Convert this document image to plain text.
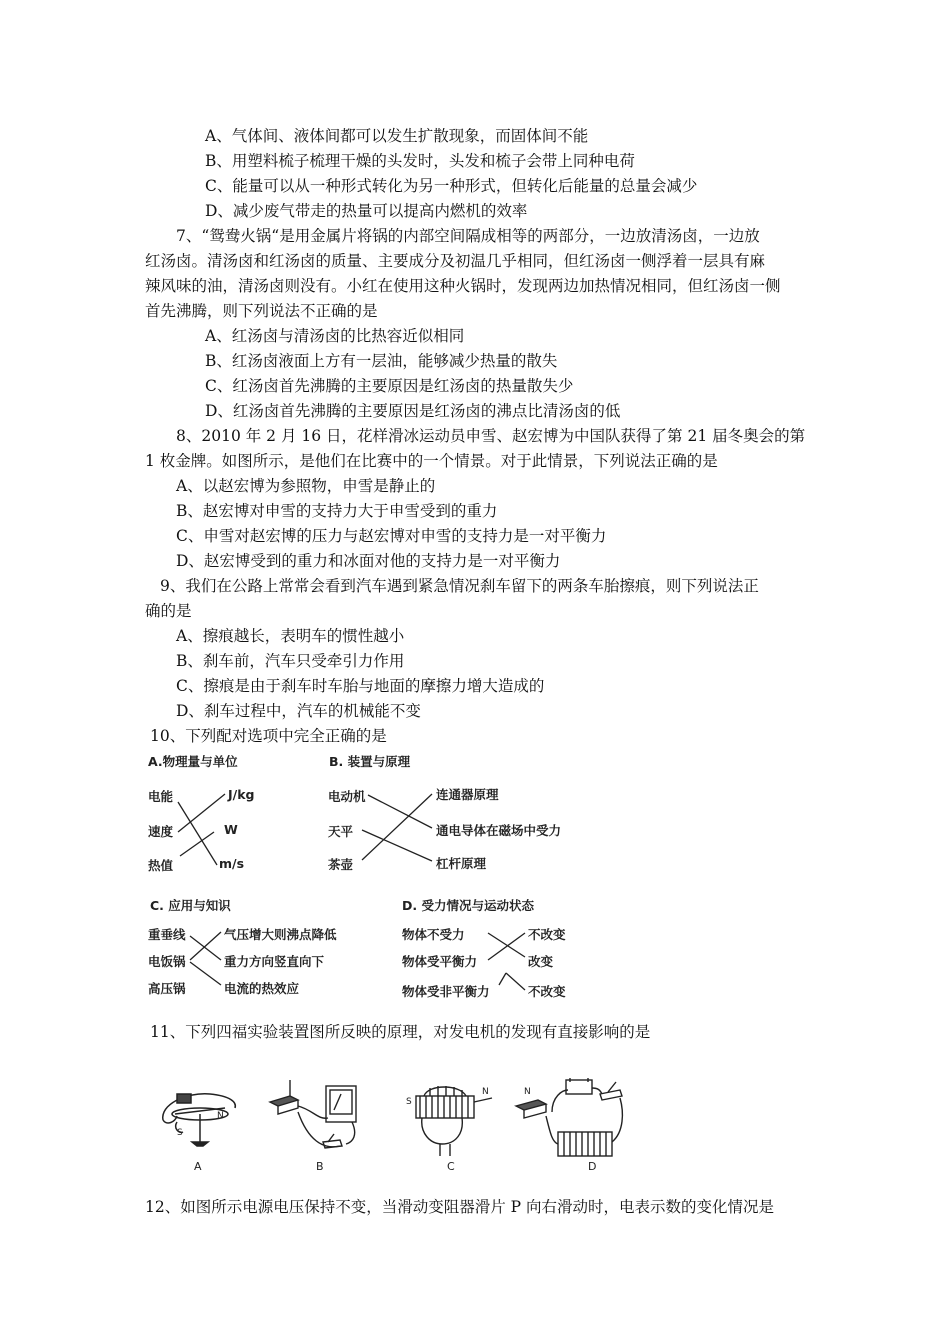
A、气体间、液体间都可以发生扩散现象，而固体间不能
B、用塑料梳子梳理干燥的头发时，头发和梳子会带上同种电荷
C、能量可以从一种形式转化为另一种形式，但转化后能量的总量会减少
D、减少废气带走的热量可以提高内燃机的效率
7、“鸳鸯火锅“是用金属片将锅的内部空间隔成相等的两部分，一边放清汤卤，一边放
红汤卤。清汤卤和红汤卤的质量、主要成分及初温几乎相同，但红汤卤一侧浮着一层具有麻
辣风味的油，清汤卤则没有。小红在使用这种火锅时，发现两边加热情况相同，但红汤卤一侧
首先沸腾，则下列说法不正确的是
A、红汤卤与清汤卤的比热容近似相同
B、红汤卤液面上方有一层油，能够减少热量的散失
C、红汤卤首先沸腾的主要原因是红汤卤的热量散失少
D、红汤卤首先沸腾的主要原因是红汤卤的沸点比清汤卤的低
8、2010 年 2 月 16 日，花样滑冰运动员申雪、赵宏博为中国队获得了第 21 届冬奥会的第
1 枚金牌。如图所示，是他们在比赛中的一个情景。对于此情景，下列说法正确的是
A、以赵宏博为参照物，申雪是静止的
B、赵宏博对申雪的支持力大于申雪受到的重力
C、申雪对赵宏博的压力与赵宏博对申雪的支持力是一对平衡力
D、赵宏博受到的重力和冰面对他的支持力是一对平衡力
9、我们在公路上常常会看到汽车遇到紧急情况刹车留下的两条车胎擦痕，则下列说法正
确的是
A、擦痕越长，表明车的惯性越小
B、刹车前，汽车只受牵引力作用
C、擦痕是由于刹车时车胎与地面的摩擦力增大造成的
D、刹车过程中，汽车的机械能不变
10、下列配对选项中完全正确的是
A.物理量与单位
电能
速度
热值
J/kg
W
m/s
B. 装置与原理
电动机
天平
茶壶
连通器原理
通电导体在磁场中受力
杠杆原理
C. 应用与知识
重垂线
电饭锅
高压锅
气压增大则沸点降低
重力方向竖直向下
电流的热效应
D. 受力情况与运动状态
物体不受力
物体受平衡力
物体受非平衡力
不改变
改变
不改变
11、下列四福实验装置图所反映的原理，对发电机的发现有直接影响的是
S
N
A	B
S
N
C
N
D
12、如图所示电源电压保持不变，当滑动变阻器滑片 P 向右滑动时，电表示数的变化情况是
